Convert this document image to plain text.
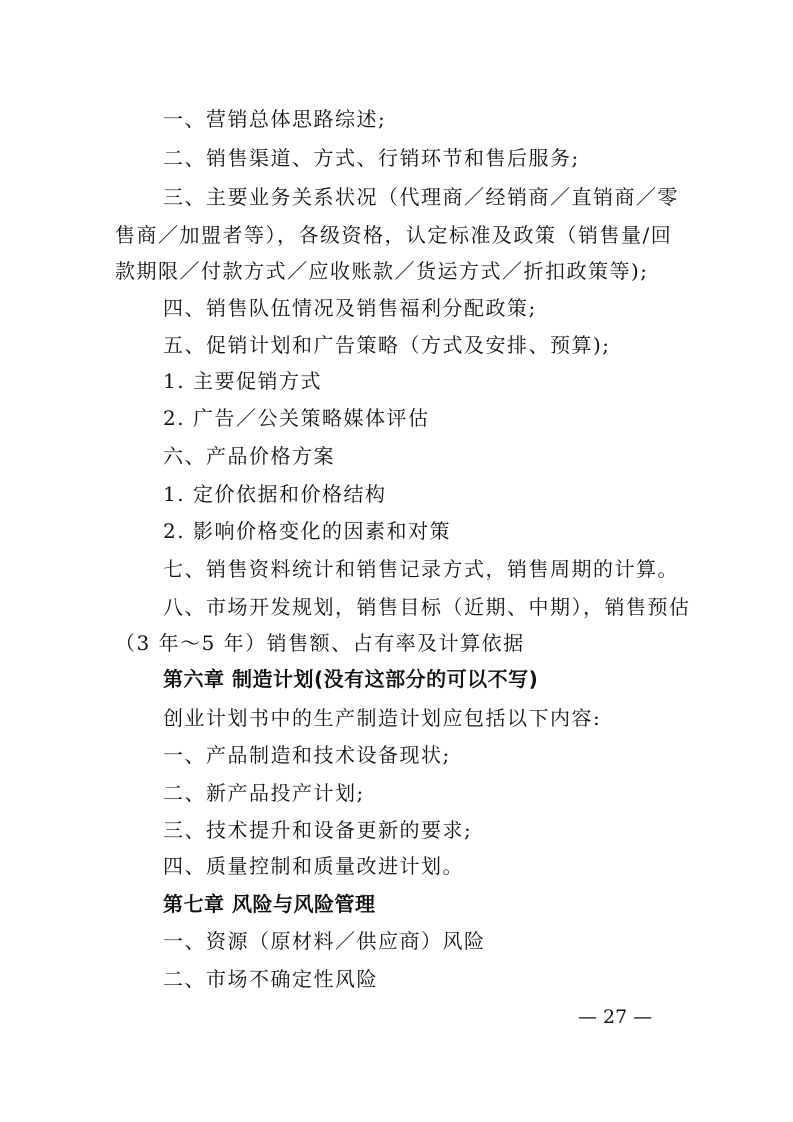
一、营销总体思路综述;
二、销售渠道、方式、行销环节和售后服务;
三、主要业务关系状况（代理商／经销商／直销商／零
售商／加盟者等），各级资格，认定标准及政策（销售量/回
款期限／付款方式／应收账款／货运方式／折扣政策等);
四、销售队伍情况及销售福利分配政策;
五、促销计划和广告策略（方式及安排、预算);
1. 主要促销方式
2. 广告／公关策略媒体评估
六、产品价格方案
1. 定价依据和价格结构
2. 影响价格变化的因素和对策
七、销售资料统计和销售记录方式，销售周期的计算。
八、市场开发规划，销售目标（近期、中期），销售预估
（3 年～5 年）销售额、占有率及计算依据
第六章 制造计划(没有这部分的可以不写)
创业计划书中的生产制造计划应包括以下内容:
一、产品制造和技术设备现状;
二、新产品投产计划;
三、技术提升和设备更新的要求;
四、质量控制和质量改进计划。
第七章 风险与风险管理
一、资源（原材料／供应商）风险
二、市场不确定性风险
— 27 —
